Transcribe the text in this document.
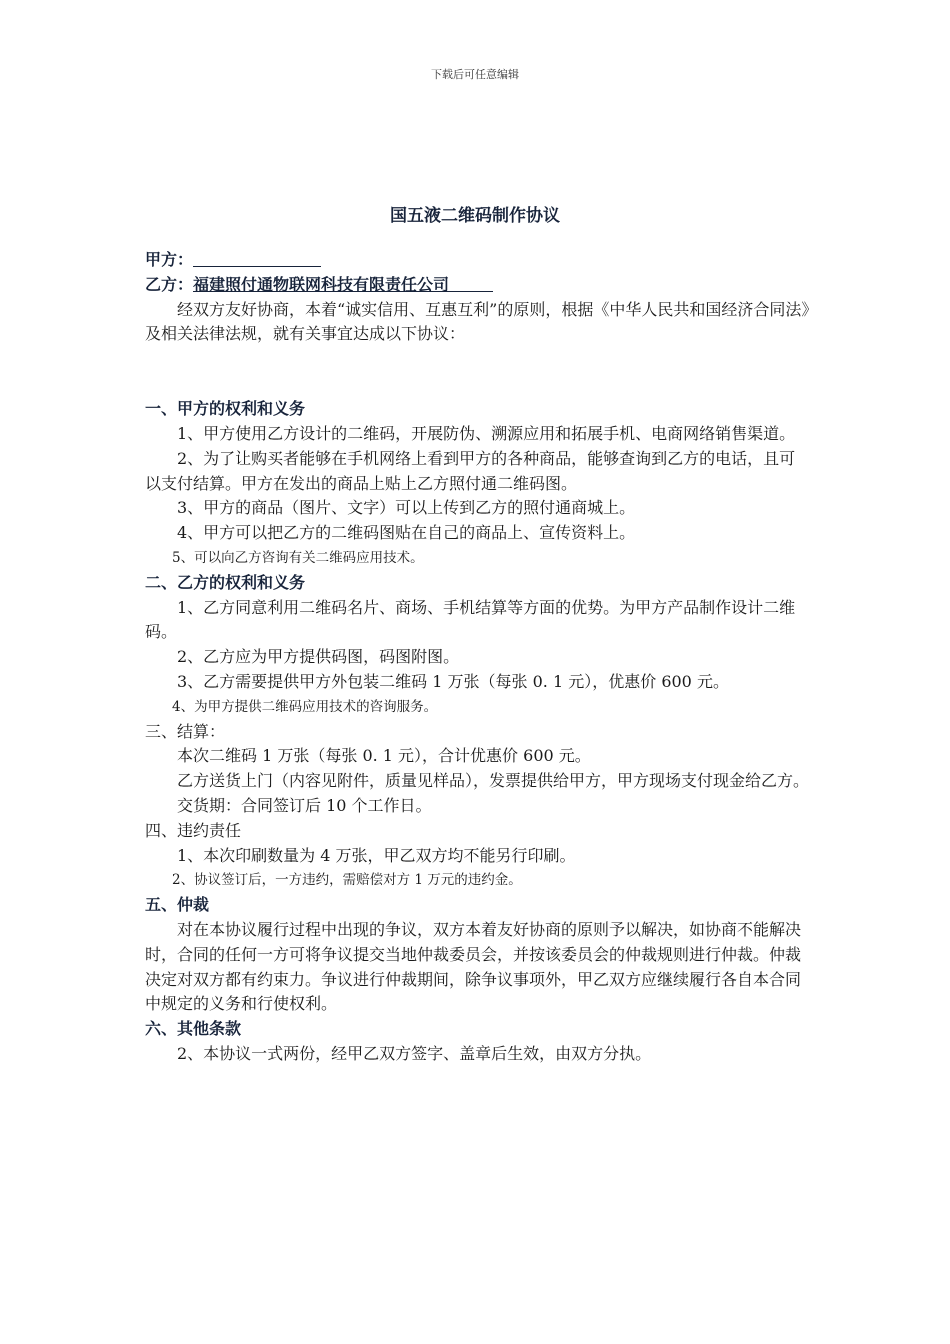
下载后可任意编辑
国五液二维码制作协议
甲方：
乙方：福建照付通物联网科技有限责任公司

经双方友好协商，本着“诚实信用、互惠互利”的原则，根据《中华人民共和国经济合同法》及相关法律法规，就有关事宜达成以下协议：

一、甲方的权利和义务

1、甲方使用乙方设计的二维码，开展防伪、溯源应用和拓展手机、电商网络销售渠道。

2、为了让购买者能够在手机网络上看到甲方的各种商品，能够查询到乙方的电话，且可以支付结算。甲方在发出的商品上贴上乙方照付通二维码图。

3、甲方的商品（图片、文字）可以上传到乙方的照付通商城上。

4、甲方可以把乙方的二维码图贴在自己的商品上、宣传资料上。

5、可以向乙方咨询有关二维码应用技术。

二、乙方的权利和义务

1、乙方同意利用二维码名片、商场、手机结算等方面的优势。为甲方产品制作设计二维码。

2、乙方应为甲方提供码图，码图附图。

3、乙方需要提供甲方外包装二维码 1 万张（每张 0. 1 元），优惠价 600 元。

4、为甲方提供二维码应用技术的咨询服务。

三、结算：

本次二维码 1 万张（每张 0. 1 元），合计优惠价 600 元。

乙方送货上门（内容见附件，质量见样品），发票提供给甲方，甲方现场支付现金给乙方。

交货期：合同签订后 10 个工作日。

四、违约责任

1、本次印刷数量为 4 万张，甲乙双方均不能另行印刷。

2、协议签订后，一方违约，需赔偿对方 1 万元的违约金。

五、仲裁

对在本协议履行过程中出现的争议，双方本着友好协商的原则予以解决，如协商不能解决时，合同的任何一方可将争议提交当地仲裁委员会，并按该委员会的仲裁规则进行仲裁。仲裁决定对双方都有约束力。争议进行仲裁期间，除争议事项外，甲乙双方应继续履行各自本合同中规定的义务和行使权利。

六、其他条款

2、本协议一式两份，经甲乙双方签字、盖章后生效，由双方分执。
